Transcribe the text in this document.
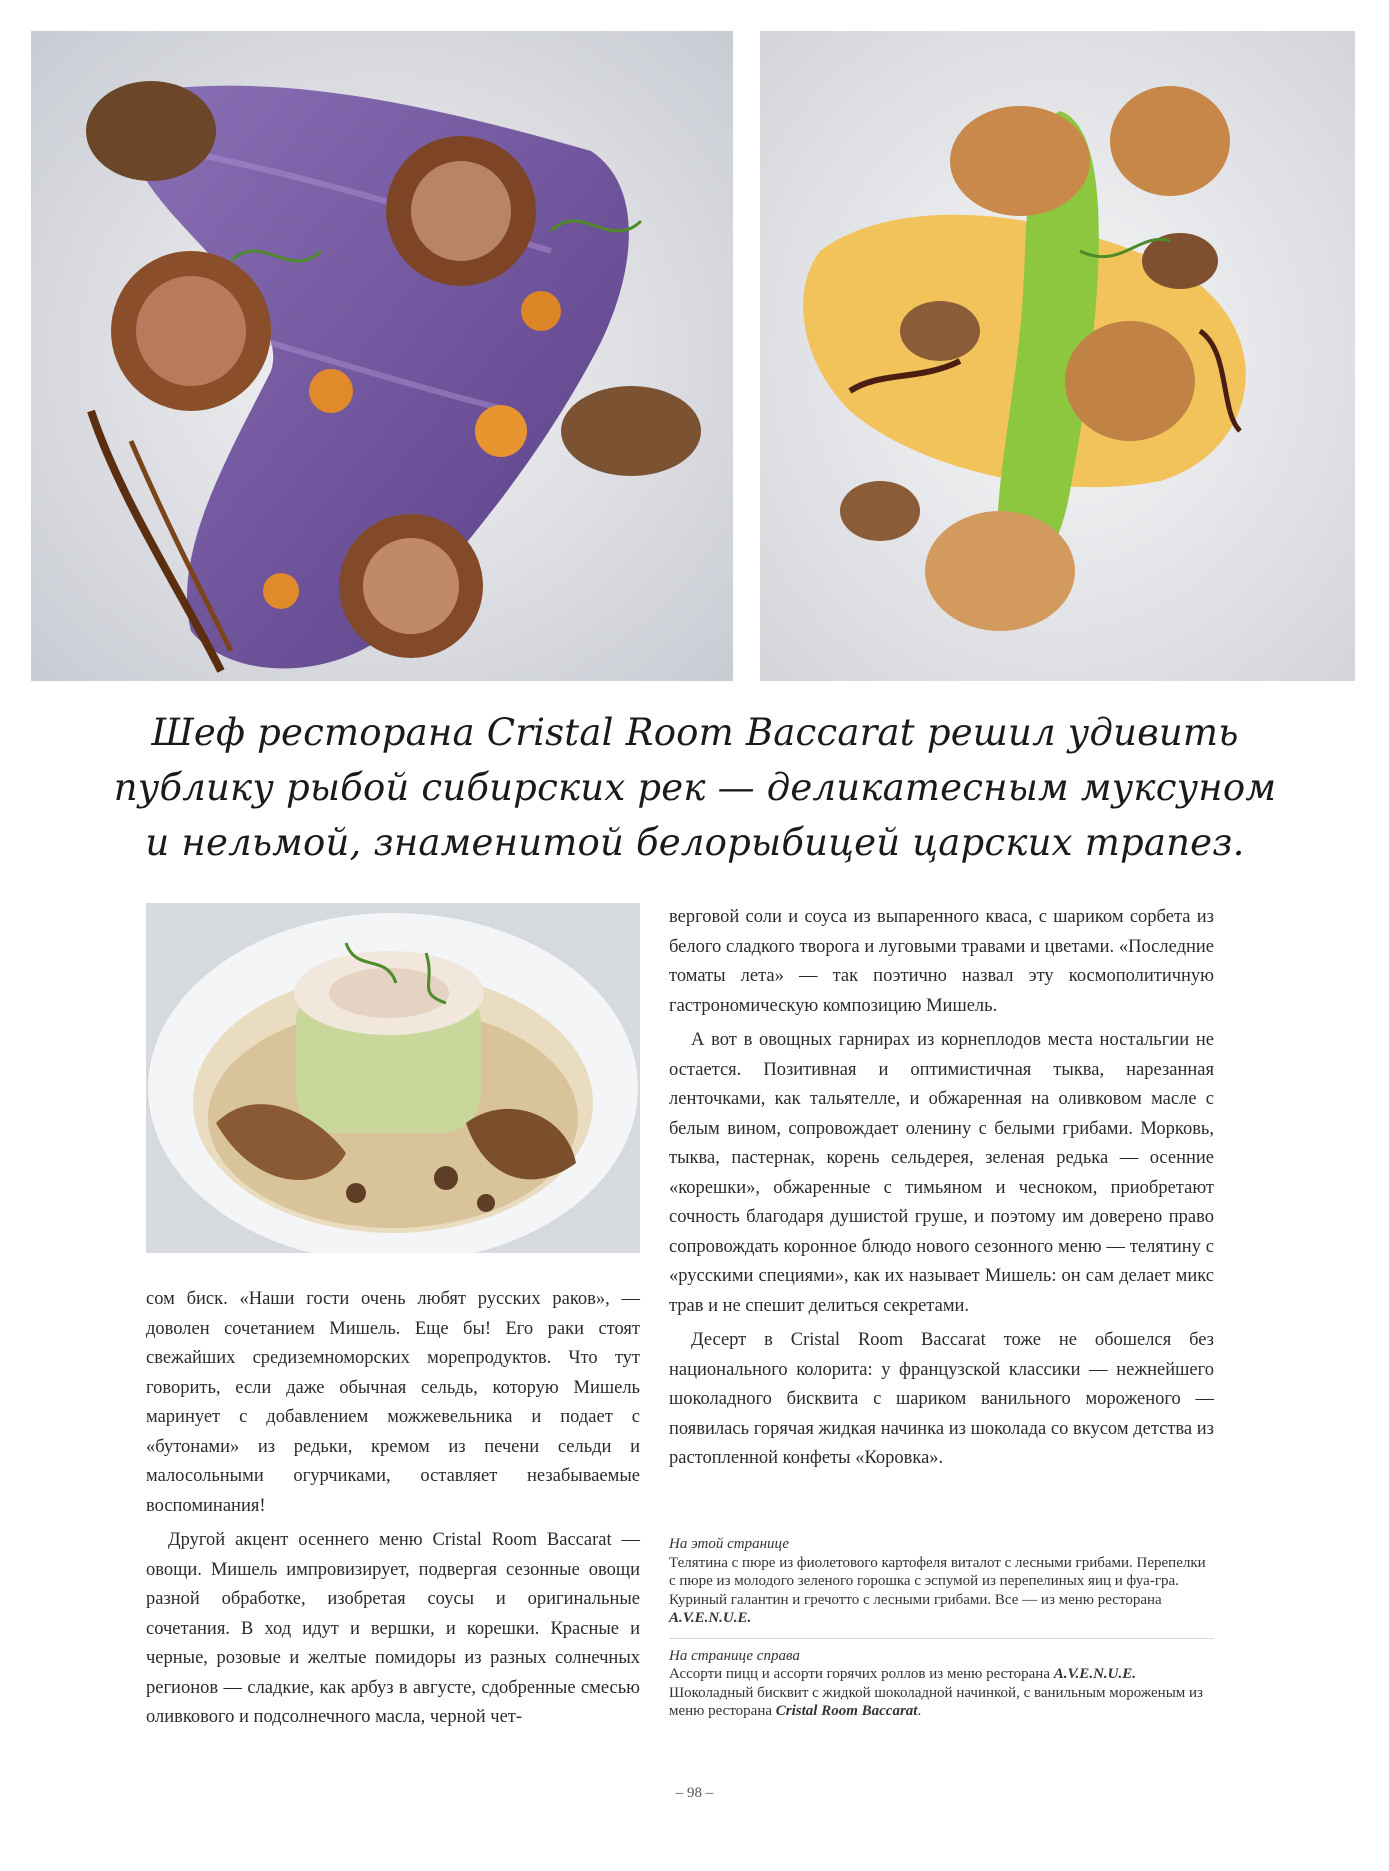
Шеф ресторана Cristal Room Baccarat решил удивить
публику рыбой сибирских рек — деликатесным муксуном
и нельмой, знаменитой белорыбицей царских трапез.

сом биск. «Наши гости очень любят русских раков», — доволен сочетанием Мишель. Еще бы! Его раки стоят свежайших средиземноморских морепродуктов. Что тут говорить, если даже обычная сельдь, которую Мишель маринует с добавлением можжевельника и подает с «бутонами» из редьки, кремом из печени сельди и малосольными огурчиками, оставляет незабываемые воспоминания!

Другой акцент осеннего меню Cristal Room Baccarat — овощи. Мишель импровизирует, подвергая сезонные овощи разной обработке, изобретая соусы и оригинальные сочетания. В ход идут и вершки, и корешки. Красные и черные, розовые и желтые помидоры из разных солнечных регионов — сладкие, как арбуз в августе, сдобренные смесью оливкового и подсолнечного масла, черной чет-

верговой соли и соуса из выпаренного кваса, с шариком сорбета из белого сладкого творога и луговыми травами и цветами. «Последние томаты лета» — так поэтично назвал эту космополитичную гастрономическую композицию Мишель.

А вот в овощных гарнирах из корнеплодов места ностальгии не остается. Позитивная и оптимистичная тыква, нарезанная ленточками, как тальятелле, и обжаренная на оливковом масле с белым вином, сопровождает оленину с белыми грибами. Морковь, тыква, пастернак, корень сельдерея, зеленая редька — осенние «корешки», обжаренные с тимьяном и чесноком, приобретают сочность благодаря душистой груше, и поэтому им доверено право сопровождать коронное блюдо нового сезонного меню — телятину с «русскими специями», как их называет Мишель: он сам делает микс трав и не спешит делиться секретами.

Десерт в Cristal Room Baccarat тоже не обошелся без национального колорита: у французской классики — нежнейшего шоколадного бисквита с шариком ванильного мороженого — появилась горячая жидкая начинка из шоколада со вкусом детства из растопленной конфеты «Коровка».

На этой странице
Телятина с пюре из фиолетового картофеля виталот с лесными грибами. Перепелки с пюре из молодого зеленого горошка с эспумой из перепелиных яиц и фуа-гра. Куриный галантин и гречотто с лесными грибами. Все — из меню ресторана A.V.E.N.U.E.
На странице справа
Ассорти пицц и ассорти горячих роллов из меню ресторана A.V.E.N.U.E. Шоколадный бисквит с жидкой шоколадной начинкой, с ванильным мороженым из меню ресторана Cristal Room Baccarat.
– 98 –
